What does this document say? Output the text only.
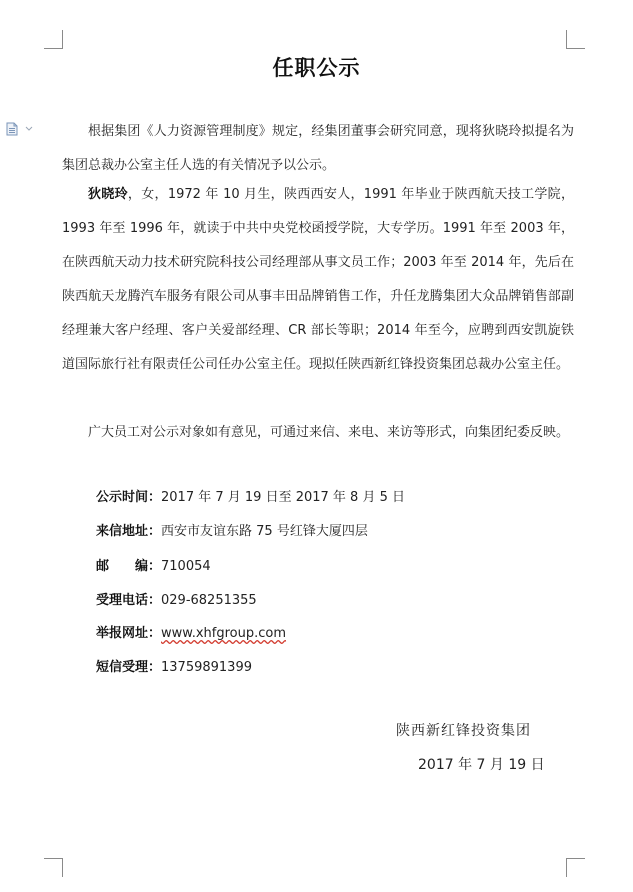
任职公示

根据集团《人力资源管理制度》规定，经集团董事会研究同意，现将狄晓玲拟提名为集团总裁办公室主任人选的有关情况予以公示。

狄晓玲，女，1972 年 10 月生，陕西西安人，1991 年毕业于陕西航天技工学院，1993 年至 1996 年，就读于中共中央党校函授学院，大专学历。1991 年至 2003 年，在陕西航天动力技术研究院科技公司经理部从事文员工作；2003 年至 2014 年，先后在陕西航天龙腾汽车服务有限公司从事丰田品牌销售工作，升任龙腾集团大众品牌销售部副经理兼大客户经理、客户关爱部经理、CR 部长等职；2014 年至今，应聘到西安凯旋铁道国际旅行社有限责任公司任办公室主任。现拟任陕西新红锋投资集团总裁办公室主任。

广大员工对公示对象如有意见，可通过来信、来电、来访等形式，向集团纪委反映。

公示时间：2017 年 7 月 19 日至 2017 年 8 月 5 日
来信地址：西安市友谊东路 75 号红锋大厦四层
邮　　编：710054
受理电话：029-68251355
举报网址：www.xhfgroup.com
短信受理：13759891399
陕西新红锋投资集团
2017 年 7 月 19 日
